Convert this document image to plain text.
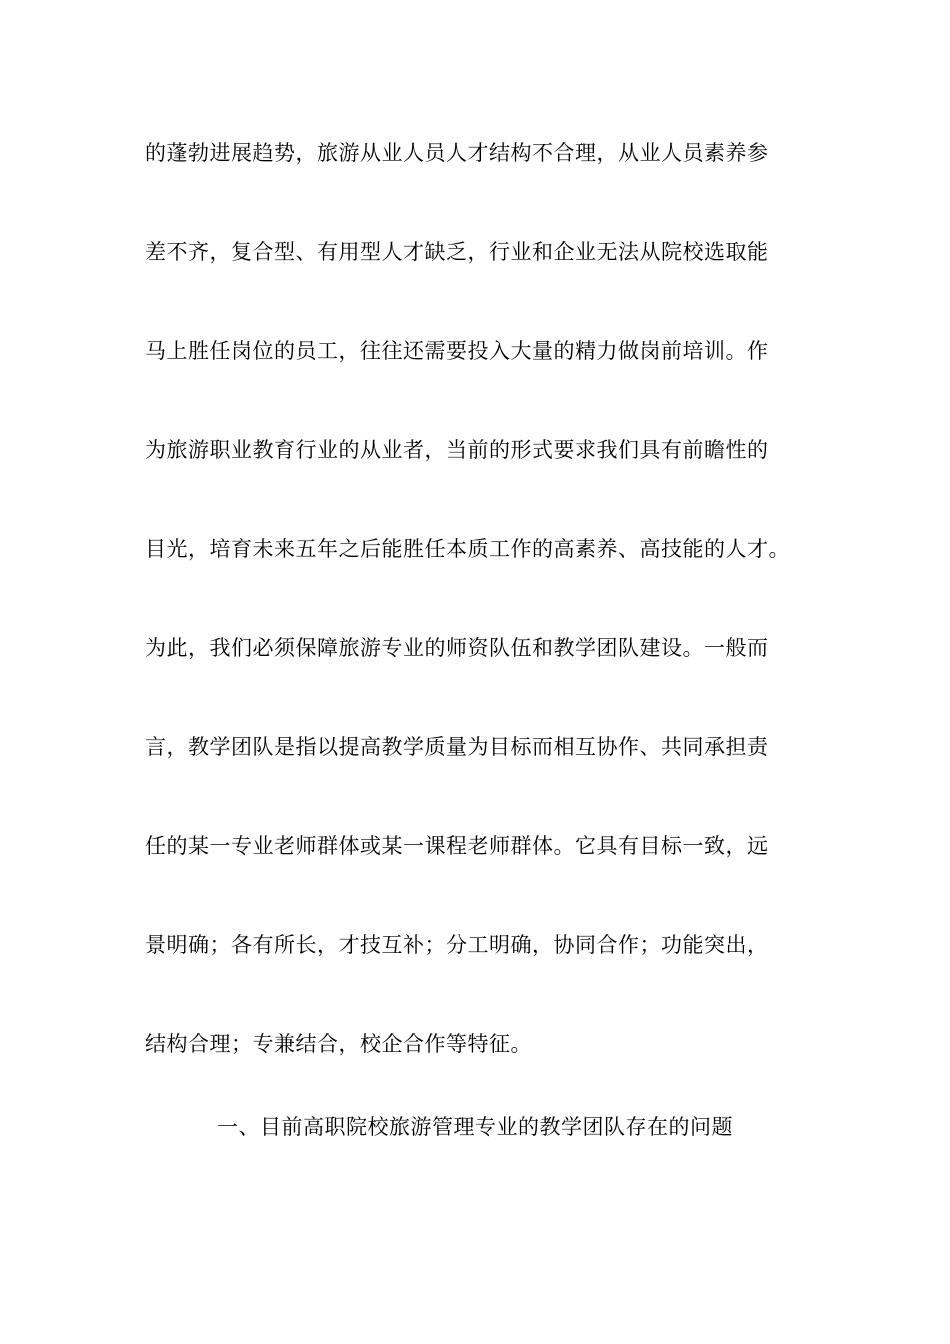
的蓬勃进展趋势，旅游从业人员人才结构不合理，从业人员素养参
差不齐，复合型、有用型人才缺乏，行业和企业无法从院校选取能
马上胜任岗位的员工，往往还需要投入大量的精力做岗前培训。作
为旅游职业教育行业的从业者，当前的形式要求我们具有前瞻性的
目光，培育未来五年之后能胜任本质工作的高素养、高技能的人才。
为此，我们必须保障旅游专业的师资队伍和教学团队建设。一般而
言，教学团队是指以提高教学质量为目标而相互协作、共同承担责
任的某一专业老师群体或某一课程老师群体。它具有目标一致，远
景明确；各有所长，才技互补；分工明确，协同合作；功能突出，
结构合理；专兼结合，校企合作等特征。
一、目前高职院校旅游管理专业的教学团队存在的问题
